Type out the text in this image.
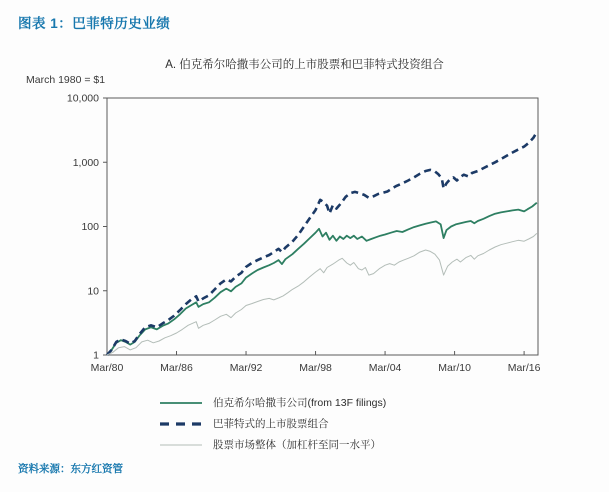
图表 1：巴菲特历史业绩
A. 伯克希尔哈撒韦公司的上市股票和巴菲特式投资组合
March 1980 = $1
10,000
1,000
100
10
1
Mar/80	Mar/86	Mar/92	Mar/98	Mar/04	Mar/10	Mar/16
伯克希尔哈撒韦公司(from 13F filings)
巴菲特式的上市股票组合
股票市场整体（加杠杆至同一水平）
资料来源：东方红资管
